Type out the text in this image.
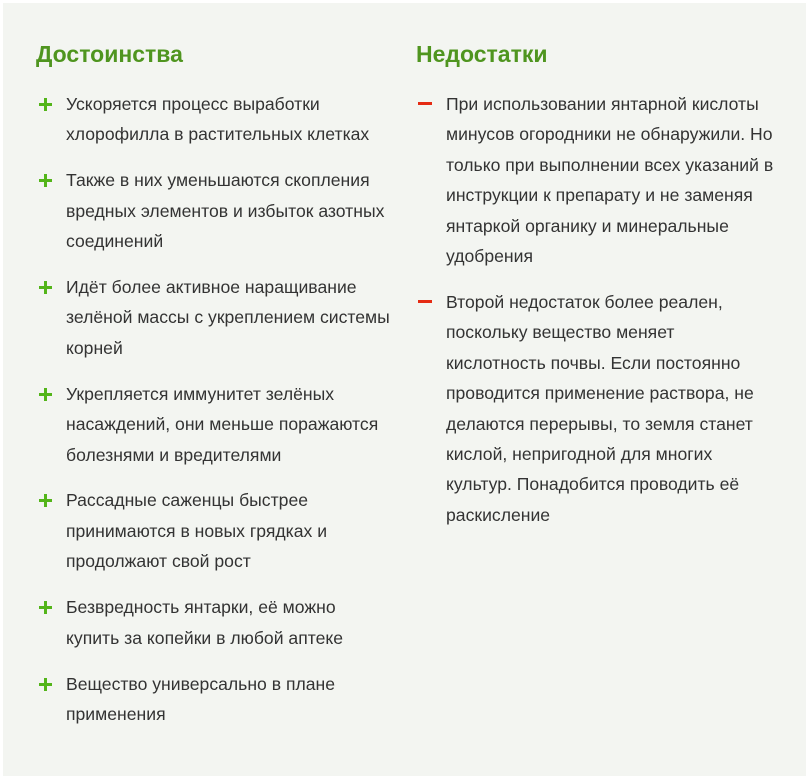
Достоинства
Ускоряется процесс выработки хлорофилла в растительных клетках
Также в них уменьшаются скопления вредных элементов и избыток азотных соединений
Идёт более активное наращивание зелёной массы с укреплением системы корней
Укрепляется иммунитет зелёных насаждений, они меньше поражаются болезнями и вредителями
Рассадные саженцы быстрее принимаются в новых грядках и продолжают свой рост
Безвредность янтарки, её можно купить за копейки в любой аптеке
Вещество универсально в плане применения
Недостатки
При использовании янтарной кислоты минусов огородники не обнаружили. Но только при выполнении всех указаний в инструкции к препарату и не заменяя янтаркой органику и минеральные удобрения
Второй недостаток более реален, поскольку вещество меняет кислотность почвы. Если постоянно проводится применение раствора, не делаются перерывы, то земля станет кислой, непригодной для многих культур. Понадобится проводить её раскисление
